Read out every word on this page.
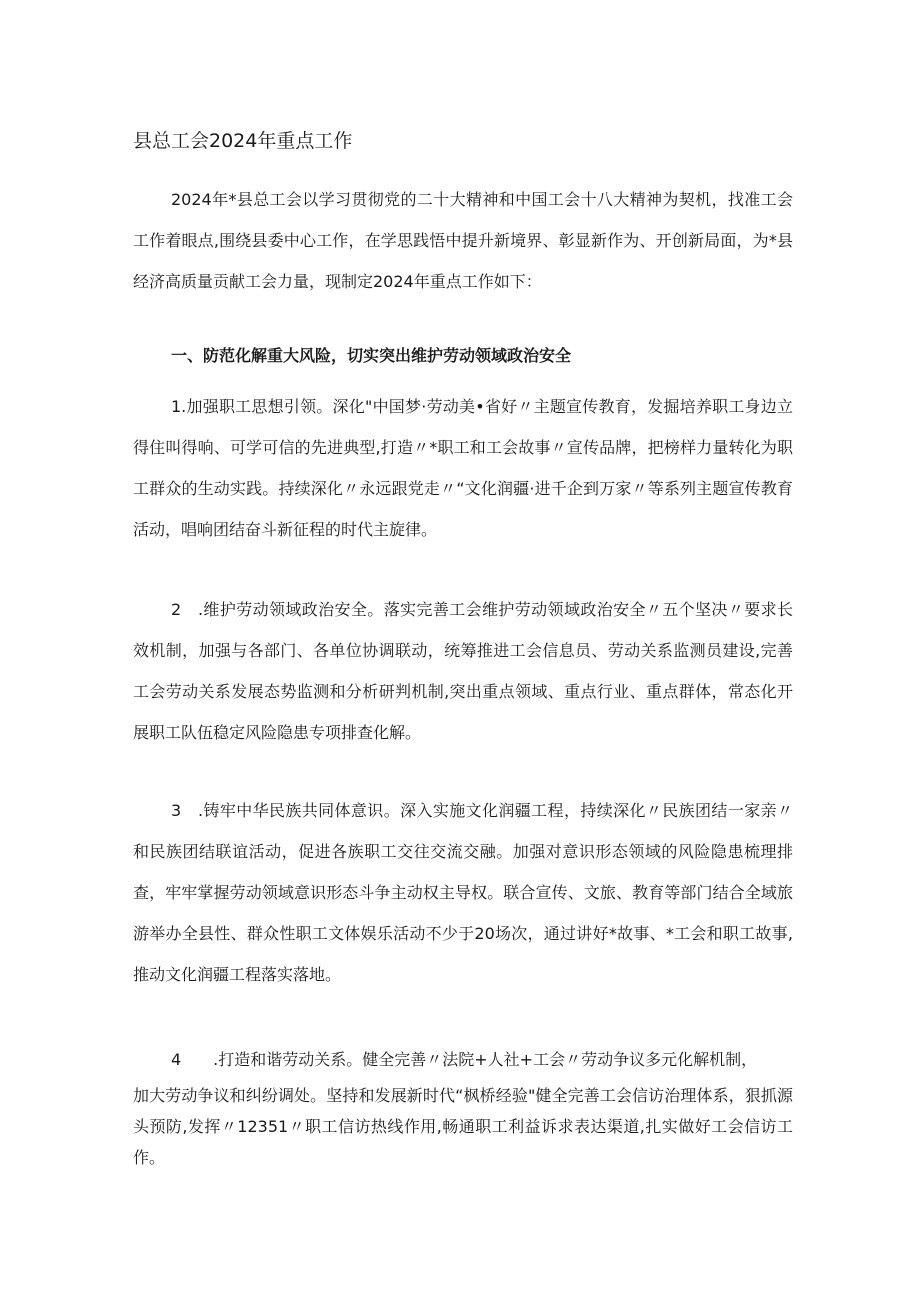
县总工会2024年重点工作

2024年*县总工会以学习贯彻党的二十大精神和中国工会十八大精神为契机，找准工会工作着眼点,围绕县委中心工作，在学思践悟中提升新境界、彰显新作为、开创新局面，为*县经济高质量贡献工会力量，现制定2024年重点工作如下：

一、防范化解重大风险，切实突出维护劳动领域政治安全

1.加强职工思想引领。深化"中国梦·劳动美•省好〃主题宣传教育，发掘培养职工身边立得住叫得响、可学可信的先进典型,打造〃*职工和工会故事〃宣传品牌，把榜样力量转化为职工群众的生动实践。持续深化〃永远跟党走〃“文化润疆·进千企到万家〃等系列主题宣传教育活动，唱响团结奋斗新征程的时代主旋律。

2　.维护劳动领域政治安全。落实完善工会维护劳动领域政治安全〃五个坚决〃要求长效机制，加强与各部门、各单位协调联动，统筹推进工会信息员、劳动关系监测员建设,完善工会劳动关系发展态势监测和分析研判机制,突出重点领域、重点行业、重点群体，常态化开展职工队伍稳定风险隐患专项排查化解。

3　.铸牢中华民族共同体意识。深入实施文化润疆工程，持续深化〃民族团结一家亲〃和民族团结联谊活动，促进各族职工交往交流交融。加强对意识形态领域的风险隐患梳理排查，牢牢掌握劳动领域意识形态斗争主动权主导权。联合宣传、文旅、教育等部门结合全域旅游举办全县性、群众性职工文体娱乐活动不少于20场次，通过讲好*故事、*工会和职工故事,推动文化润疆工程落实落地。

4　　.打造和谐劳动关系。健全完善〃法院+人社+工会〃劳动争议多元化解机制，
加大劳动争议和纠纷调处。坚持和发展新时代“枫桥经验"健全完善工会信访治理体系，狠抓源头预防,发挥〃12351〃职工信访热线作用,畅通职工利益诉求表达渠道,扎实做好工会信访工作。
